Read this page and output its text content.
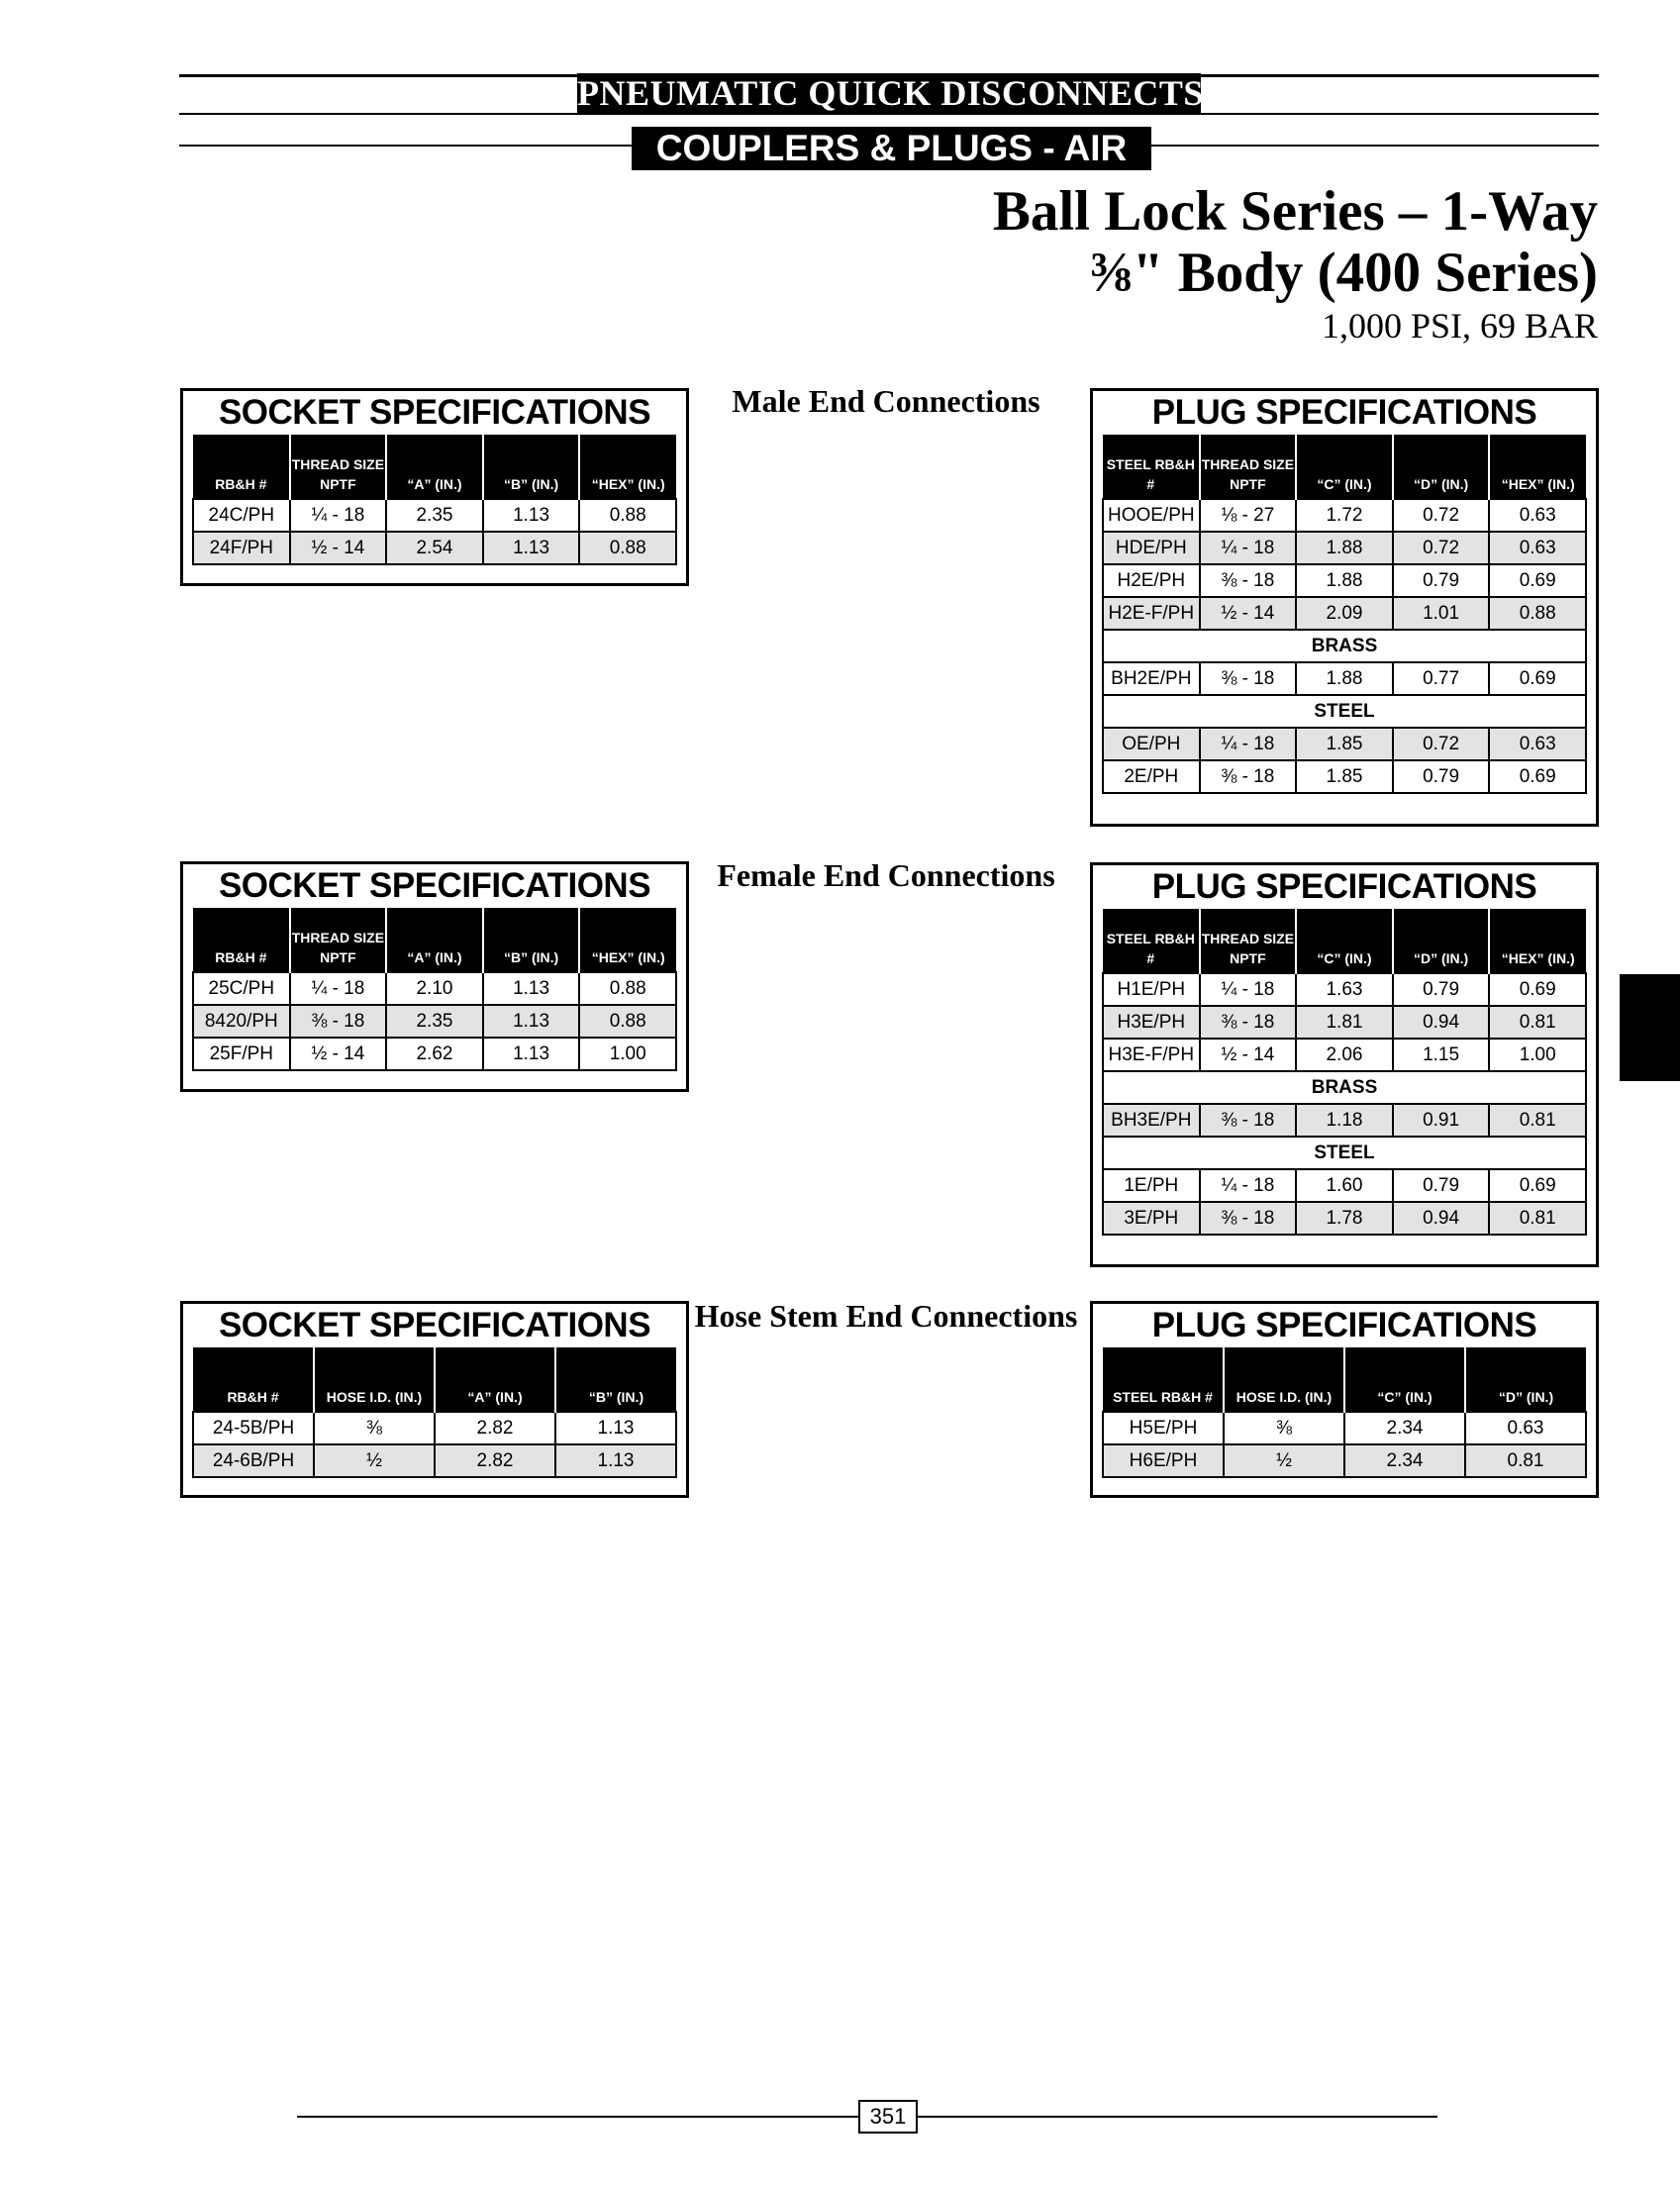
PNEUMATIC QUICK DISCONNECTS
COUPLERS & PLUGS - AIR
Ball Lock Series – 1-Way
⅜" Body (400 Series)
1,000 PSI, 69 BAR
Male End Connections
Female End Connections
Hose Stem End Connections
SOCKET SPECIFICATIONS
RB&H #	THREAD SIZE NPTF	“A” (IN.)	“B” (IN.)	“HEX” (IN.)
24C/PH	¼ - 18	2.35	1.13	0.88
24F/PH	½ - 14	2.54	1.13	0.88
PLUG SPECIFICATIONS
STEEL RB&H #	THREAD SIZE NPTF	“C” (IN.)	“D” (IN.)	“HEX” (IN.)
HOOE/PH	⅛ - 27	1.72	0.72	0.63
HDE/PH	¼ - 18	1.88	0.72	0.63
H2E/PH	⅜ - 18	1.88	0.79	0.69
H2E-F/PH	½ - 14	2.09	1.01	0.88
BRASS				
BH2E/PH	⅜ - 18	1.88	0.77	0.69
STEEL				
OE/PH	¼ - 18	1.85	0.72	0.63
2E/PH	⅜ - 18	1.85	0.79	0.69
SOCKET SPECIFICATIONS
RB&H #	THREAD SIZE NPTF	“A” (IN.)	“B” (IN.)	“HEX” (IN.)
25C/PH	¼ - 18	2.10	1.13	0.88
8420/PH	⅜ - 18	2.35	1.13	0.88
25F/PH	½ - 14	2.62	1.13	1.00
PLUG SPECIFICATIONS
STEEL RB&H #	THREAD SIZE NPTF	“C” (IN.)	“D” (IN.)	“HEX” (IN.)
H1E/PH	¼ - 18	1.63	0.79	0.69
H3E/PH	⅜ - 18	1.81	0.94	0.81
H3E-F/PH	½ - 14	2.06	1.15	1.00
BRASS				
BH3E/PH	⅜ - 18	1.18	0.91	0.81
STEEL				
1E/PH	¼ - 18	1.60	0.79	0.69
3E/PH	⅜ - 18	1.78	0.94	0.81
SOCKET SPECIFICATIONS
RB&H #	HOSE I.D. (IN.)	“A” (IN.)	“B” (IN.)
24-5B/PH	⅜	2.82	1.13
24-6B/PH	½	2.82	1.13
PLUG SPECIFICATIONS
STEEL RB&H #	HOSE I.D. (IN.)	“C” (IN.)	“D” (IN.)
H5E/PH	⅜	2.34	0.63
H6E/PH	½	2.34	0.81
351
